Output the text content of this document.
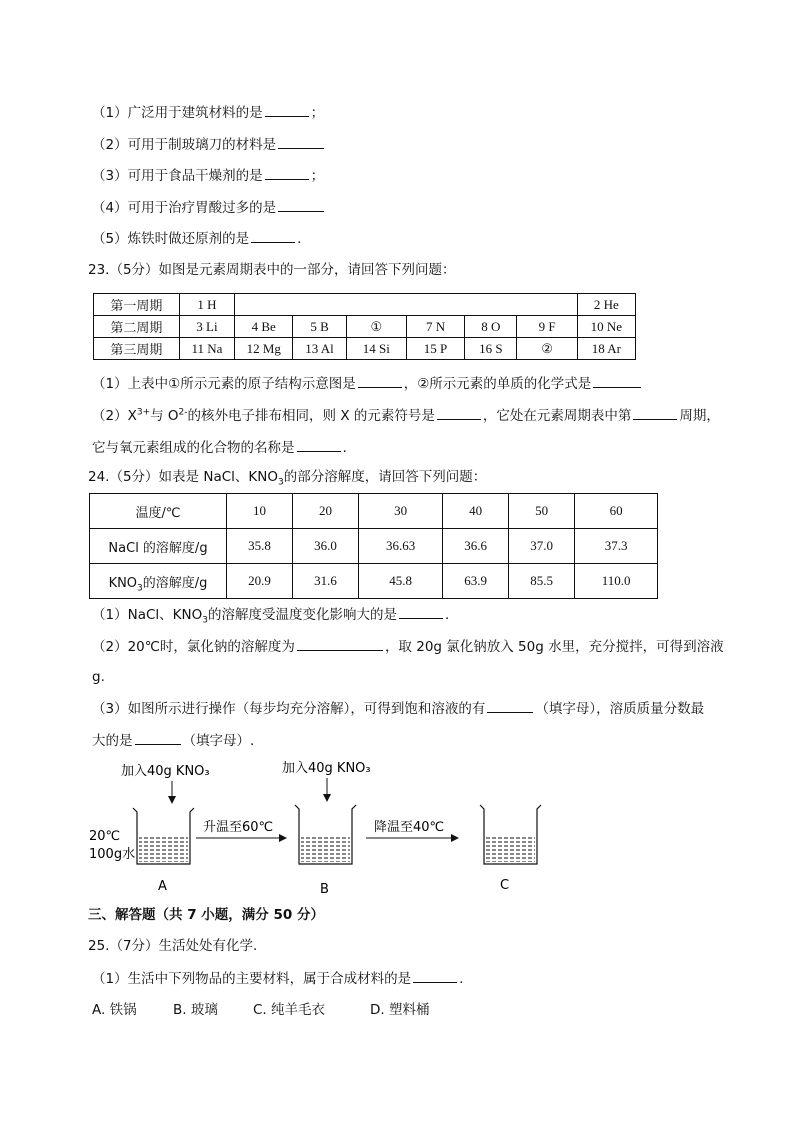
（1）广泛用于建筑材料的是	；
（2）可用于制玻璃刀的材料是
（3）可用于食品干燥剂的是	；
（4）可用于治疗胃酸过多的是
（5）炼铁时做还原剂的是	.
23.（5分）如图是元素周期表中的一部分，请回答下列问题：
第一周期	1 H							2 He
第二周期	3 Li	4 Be	5 B	①	7 N	8 O	9 F	10 Ne
第三周期	11 Na	12 Mg	13 Al	14 Si	15 P	16 S	②	18 Ar
（1）上表中①所示元素的原子结构示意图是	，②所示元素的单质的化学式是
$(2)X^{3+}$与 $O^{2-}$的核外电子排布相同，则 X 的元素符号是	，它处在元素周期表中第	周期，
它与氧元素组成的化合物的名称是	.
24.（5分）如表是 NaCl、$KNO_3$的部分溶解度，请回答下列问题：
温度/℃	10	20	30	40	50	60
NaCl 的溶解度/g	35.8	36.0	36.63	36.6	37.0	37.3
$KNO_3$的溶解度/g	20.9	31.6	45.8	63.9	85.5	110.0
（1）NaCl、$KNO_3$的溶解度受温度变化影响大的是	.
（2）20℃时，氯化钠的溶解度为	，取 20g 氯化钠放入 50g 水里，充分搅拌，可得到溶液
g.
（3）如图所示进行操作（每步均充分溶解），可得到饱和溶液的有	（填字母），溶质质量分数最
大的是	（填字母）.
加入40g KNO₃	加入40g KNO₃
20℃
100g水
升温至60℃	降温至40℃
A	B	C
三、解答题（共 7 小题，满分 50 分）
25.（7分）生活处处有化学.
（1）生活中下列物品的主要材料，属于合成材料的是	.
A. 铁锅	B. 玻璃	C. 纯羊毛衣	D. 塑料桶
